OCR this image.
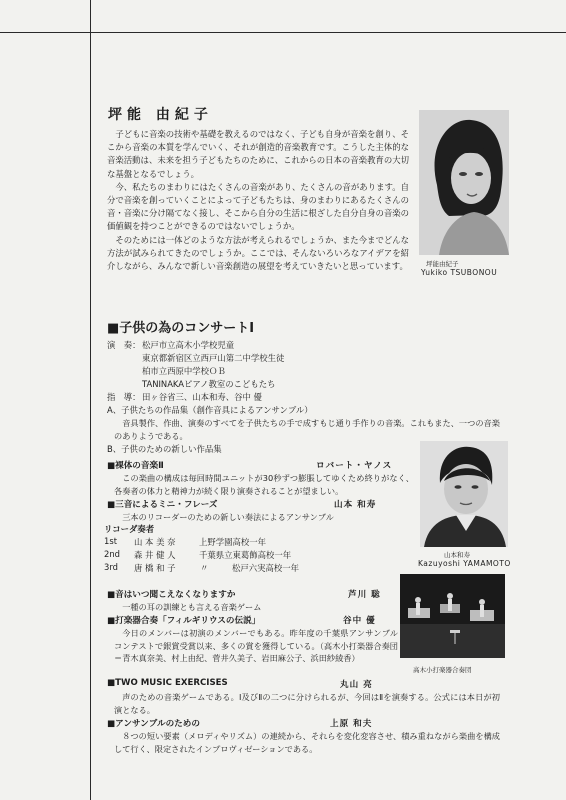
坪能 由紀子

子どもに音楽の技術や基礎を教えるのではなく、子ども自身が音楽を創り、そこから音楽の本質を学んでいく、それが創造的音楽教育です。こうした主体的な音楽活動は、未来を担う子どもたちのために、これからの日本の音楽教育の大切な基盤となるでしょう。

今、私たちのまわりにはたくさんの音楽があり、たくさんの音があります。自分で音楽を創っていくことによって子どもたちは、身のまわりにあるたくさんの音・音楽に分け隔てなく接し、そこから自分の生活に根ざした自分自身の音楽の価値観を持つことができるのではないでしょうか。

そのためには一体どのような方法が考えられるでしょうか、また今までどんな方法が試みられてきたのでしょうか。ここでは、そんないろいろなアイデアを紹介しながら、みんなで新しい音楽創造の展望を考えていきたいと思っています。	坪能由紀子
Yukiko TSUBONOU
■子供の為のコンサートⅠ
演　奏： 松戸市立高木小学校児童
東京都新宿区立西戸山第二中学校生徒
柏市立西原中学校ＯＢ
TANINAKAピアノ教室のこどもたち
指　導： 田ヶ谷省三、山本和寿、谷中 優
A、子供たちの作品集（創作音具によるアンサンブル）

音具製作、作曲、演奏のすべてを子供たちの手で成すもじ通り手作りの音楽。これもまた、一つの音楽のありようである。

B、子供のための新しい作品集
■裸体の音楽Ⅱ	ロバート・ヤノス

この楽曲の構成は毎回時間ユニットが30秒ずつ膨脹してゆくため終りがなく、各奏者の体力と精神力が続く限り演奏されることが望ましい。

■三音によるミニ・フレーズ	山本 和寿

三本のリコーダーのための新しい奏法によるアンサンブル

リコーダ奏者
1st 山 本 美 奈	上野学園高校一年
2nd 森 井 健 人	千葉県立東葛飾高校一年
3rd 唐 橋 和 子	〃	松戸六実高校一年
山本和寿
Kazuyoshi YAMAMOTO
■音はいつ聞こえなくなりますか	芦川 聡

一種の耳の訓練とも言える音楽ゲーム

高木小打楽器合奏団
■打楽器合奏「フィルギリウスの伝説」	谷中 優

今日のメンバーは初演のメンバーでもある。昨年度の千葉県アンサンブルコンテストで銀賞受賞以来、多くの賞を獲得している。（高木小打楽器合奏団＝青木真奈美、村上由紀、菅井久美子、岩田麻公子、浜田紗綾香）

■TWO MUSIC EXERCISES	丸山 亮

声のための音楽ゲームである。Ⅰ及びⅡの二つに分けられるが、今回はⅡを演奏する。公式には本日が初演となる。

■アンサンブルのための	上原 和夫

８つの短い要素（メロディやリズム）の連続から、それらを変化変容させ、積み重ねながら楽曲を構成して行く、限定されたインプロヴィゼーションである。
